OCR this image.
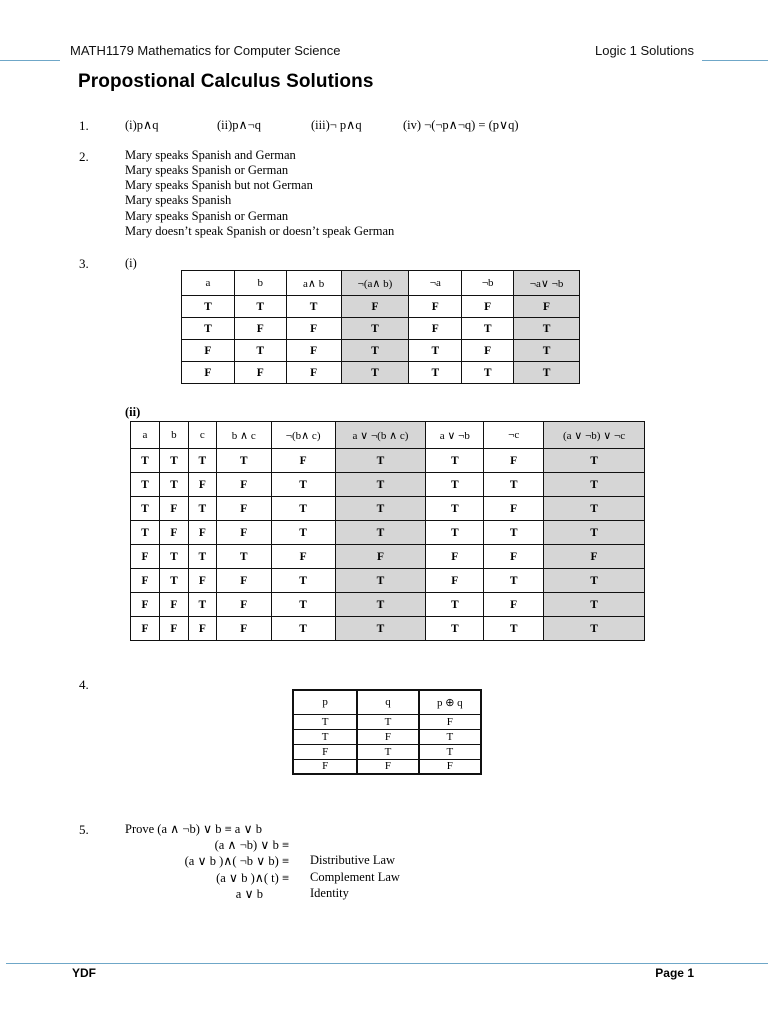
MATH1179 Mathematics for Computer Science	Logic 1 Solutions
Propostional Calculus Solutions
1.	(i)p∧q	(ii)p∧¬q	(iii)¬ p∧q	(iv) ¬(¬p∧¬q) = (p∨q)
2.	Mary speaks Spanish and German
Mary speaks Spanish or German
Mary speaks Spanish but not German
Mary speaks Spanish
Mary speaks Spanish or German
Mary doesn’t speak Spanish or doesn’t speak German
3.	(i)
a	b	a∧ b	¬(a∧ b)	¬a	¬b	¬a∨ ¬b
T	T	T	F	F	F	F
T	F	F	T	F	T	T
F	T	F	T	T	F	T
F	F	F	T	T	T	T
(ii)
a	b	c	b ∧ c	¬(b∧ c)	a ∨ ¬(b ∧ c)	a ∨ ¬b	¬c	(a ∨ ¬b) ∨ ¬c
T	T	T	T	F	T	T	F	T
T	T	F	F	T	T	T	T	T
T	F	T	F	T	T	T	F	T
T	F	F	F	T	T	T	T	T
F	T	T	T	F	F	F	F	F
F	T	F	F	T	T	F	T	T
F	F	T	F	T	T	T	F	T
F	F	F	F	T	T	T	T	T
4.
p	q	p ⊕ q
T	T	F
T	F	T
F	T	T
F	F	F
5.	Prove (a ∧ ¬b) ∨ b ≡ a ∨ b
(a ∧ ¬b) ∨ b ≡
(a ∨ b )∧( ¬b ∨ b) ≡ Distributive Law
(a ∨ b )∧( t) ≡ Complement Law
a ∨ b	Identity
YDF	Page 1
